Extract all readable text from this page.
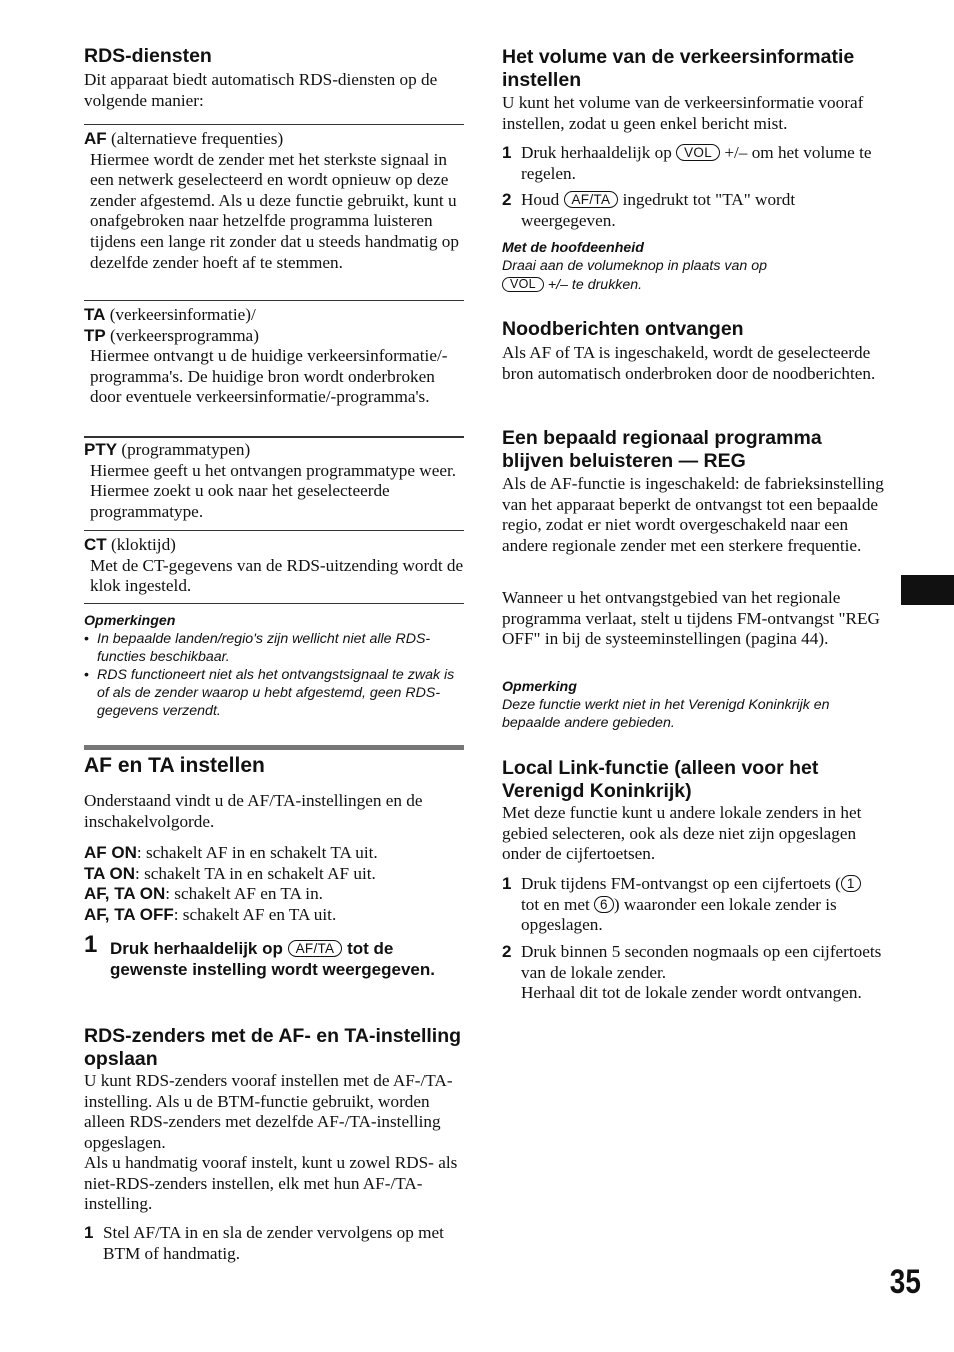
RDS-diensten

Dit apparaat biedt automatisch RDS-diensten op de volgende manier:

AF (alternatieve frequenties)
Hiermee wordt de zender met het sterkste signaal in een netwerk geselecteerd en wordt opnieuw op deze zender afgestemd. Als u deze functie gebruikt, kunt u onafgebroken naar hetzelfde programma luisteren tijdens een lange rit zonder dat u steeds handmatig op dezelfde zender hoeft af te stemmen.
TA (verkeersinformatie)/
TP (verkeersprogramma)
Hiermee ontvangt u de huidige verkeersinformatie/-programma's. De huidige bron wordt onderbroken door eventuele verkeersinformatie/-programma's.
PTY (programmatypen)
Hiermee geeft u het ontvangen programmatype weer. Hiermee zoekt u ook naar het geselecteerde programmatype.
CT (kloktijd)
Met de CT-gegevens van de RDS-uitzending wordt de klok ingesteld.

Opmerkingen

• In bepaalde landen/regio's zijn wellicht niet alle RDS-functies beschikbaar.
• RDS functioneert niet als het ontvangstsignaal te zwak is of als de zender waarop u hebt afgestemd, geen RDS-gegevens verzendt.
AF en TA instellen

Onderstaand vindt u de AF/TA-instellingen en de inschakelvolgorde.

AF ON: schakelt AF in en schakelt TA uit.
TA ON: schakelt TA in en schakelt AF uit.
AF, TA ON: schakelt AF en TA in.
AF, TA OFF: schakelt AF en TA uit.
1 Druk herhaaldelijk op AF/TA tot de gewenste instelling wordt weergegeven.
RDS-zenders met de AF- en TA-instelling opslaan

U kunt RDS-zenders vooraf instellen met de AF-/TA-instelling. Als u de BTM-functie gebruikt, worden alleen RDS-zenders met dezelfde AF-/TA-instelling opgeslagen.

Als u handmatig vooraf instelt, kunt u zowel RDS- als niet-RDS-zenders instellen, elk met hun AF-/TA-instelling.

1 Stel AF/TA in en sla de zender vervolgens op met BTM of handmatig.
Het volume van de verkeersinformatie instellen

U kunt het volume van de verkeersinformatie vooraf instellen, zodat u geen enkel bericht mist.

1 Druk herhaaldelijk op VOL +/– om het volume te regelen.
2 Houd AF/TA ingedrukt tot "TA" wordt weergegeven.

Met de hoofdeenheid

Draai aan de volumeknop in plaats van op

VOL +/– te drukken.

Noodberichten ontvangen

Als AF of TA is ingeschakeld, wordt de geselecteerde bron automatisch onderbroken door de noodberichten.

Een bepaald regionaal programma blijven beluisteren — REG

Als de AF-functie is ingeschakeld: de fabrieksinstelling van het apparaat beperkt de ontvangst tot een bepaalde regio, zodat er niet wordt overgeschakeld naar een andere regionale zender met een sterkere frequentie.

Wanneer u het ontvangstgebied van het regionale programma verlaat, stelt u tijdens FM-ontvangst "REG OFF" in bij de systeeminstellingen (pagina 44).

Opmerking

Deze functie werkt niet in het Verenigd Koninkrijk en bepaalde andere gebieden.

Local Link-functie (alleen voor het Verenigd Koninkrijk)

Met deze functie kunt u andere lokale zenders in het gebied selecteren, ook als deze niet zijn opgeslagen onder de cijfertoetsen.

1 Druk tijdens FM-ontvangst op een cijfertoets ( 1 tot en met 6 ) waaronder een lokale zender is opgeslagen.
2 Druk binnen 5 seconden nogmaals op een cijfertoets van de lokale zender.
Herhaal dit tot de lokale zender wordt ontvangen.
35
